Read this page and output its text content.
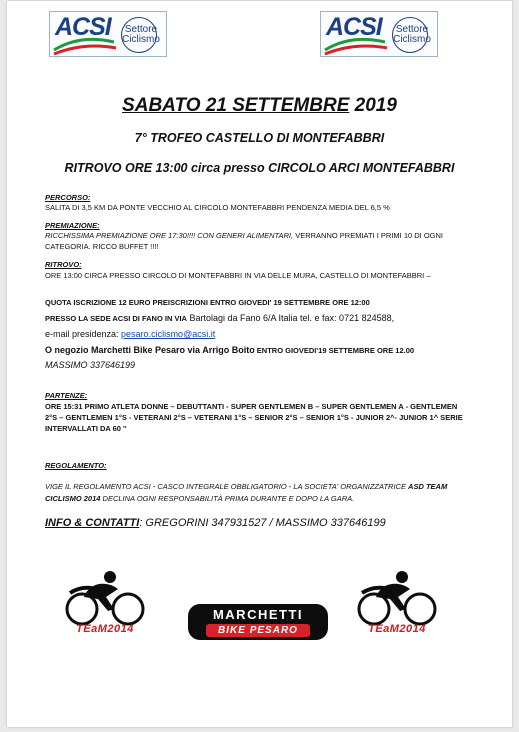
ACSI	Settore
Ciclismo	ACSI	Settore
Ciclismo
SABATO 21 SETTEMBRE 2019
7° TROFEO CASTELLO DI MONTEFABBRI
RITROVO ORE 13:00 circa presso CIRCOLO ARCI MONTEFABBRI
PERCORSO:
SALITA DI 3,5 KM DA PONTE VECCHIO AL CIRCOLO MONTEFABBRI PENDENZA MEDIA DEL 6,5 %
PREMIAZIONE:
RICCHISSIMA PREMIAZIONE ORE 17:30!!!! CON GENERI ALIMENTARI, VERRANNO PREMIATI I PRIMI 10 DI OGNI
CATEGORIA. RICCO BUFFET !!!!
RITROVO:
ORE 13:00 CIRCA PRESSO CIRCOLO DI MONTEFABBRI IN VIA DELLE MURA, CASTELLO DI MONTEFABBRI –
QUOTA ISCRIZIONE 12 EURO PREISCRIZIONI ENTRO GIOVEDI' 19 SETTEMBRE ORE 12:00
PRESSO LA SEDE ACSI DI FANO IN VIA Bartolagi da Fano 6/A Italia tel. e fax: 0721 824588,
e-mail presidenza: pesaro.ciclismo@acsi.it
O negozio Marchetti Bike Pesaro via Arrigo Boito ENTRO GIOVEDI'19 SETTEMBRE ORE 12.00
MASSIMO 337646199
PARTENZE:
ORE 15:31 PRIMO ATLETA DONNE – DEBUTTANTI - SUPER GENTLEMEN B – SUPER GENTLEMEN A - GENTLEMEN
2°S – GENTLEMEN 1°S - VETERANI 2°S – VETERANI 1°S – SENIOR 2°S – SENIOR 1°S - JUNIOR 2^- JUNIOR 1^ SERIE
INTERVALLATI DA 60 ''
REGOLAMENTO:
VIGE IL REGOLAMENTO ACSI - CASCO INTEGRALE OBBLIGATORIO - LA SOCIETA' ORGANIZZATRICE ASD TEAM
CICLISMO 2014 DECLINA OGNI RESPONSABILITÀ PRIMA DURANTE E DOPO LA GARA.
INFO & CONTATTI: GREGORINI 347931527 / MASSIMO 337646199
TEaM2014
MARCHETTI
BIKE PESARO	TEaM2014
